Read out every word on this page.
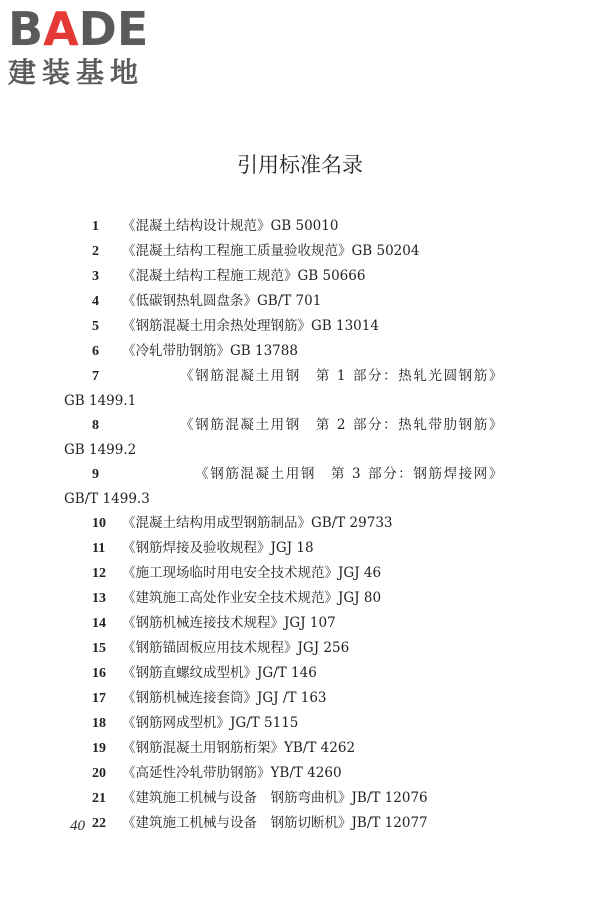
BADE
建装基地
引用标准名录
1	《混凝土结构设计规范》GB 50010
2	《混凝土结构工程施工质量验收规范》GB 50204
3	《混凝土结构工程施工规范》GB 50666
4	《低碳钢热轧圆盘条》GB/T 701
5	《钢筋混凝土用余热处理钢筋》GB 13014
6	《冷轧带肋钢筋》GB 13788
7	《钢筋混凝土用钢　第 1 部分：热轧光圆钢筋》
GB 1499.1
8	《钢筋混凝土用钢　第 2 部分：热轧带肋钢筋》
GB 1499.2
9	《钢筋混凝土用钢　第 3 部分：钢筋焊接网》
GB/T 1499.3
10	《混凝土结构用成型钢筋制品》GB/T 29733
11	《钢筋焊接及验收规程》JGJ 18
12	《施工现场临时用电安全技术规范》JGJ 46
13	《建筑施工高处作业安全技术规范》JGJ 80
14	《钢筋机械连接技术规程》JGJ 107
15	《钢筋锚固板应用技术规程》JGJ 256
16	《钢筋直螺纹成型机》JG/T 146
17	《钢筋机械连接套筒》JGJ /T 163
18	《钢筋网成型机》JG/T 5115
19	《钢筋混凝土用钢筋桁架》YB/T 4262
20	《高延性冷轧带肋钢筋》YB/T 4260
21	《建筑施工机械与设备　钢筋弯曲机》JB/T 12076
22	《建筑施工机械与设备　钢筋切断机》JB/T 12077
40
